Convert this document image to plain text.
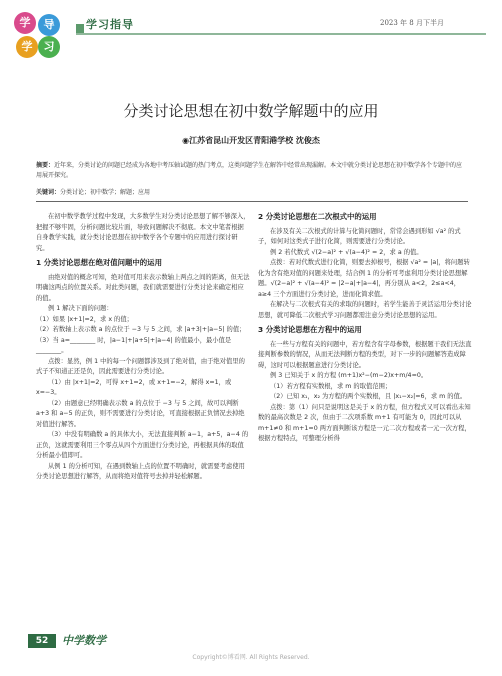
学	导
学	习
学习指导	2023 年 8 月下半月
分类讨论思想在初中数学解题中的应用
◉江苏省昆山开发区青阳港学校 沈俊杰
摘要：近年来，分类讨论的问题已经成为各地中考压轴试题的热门考点，这类问题学生在解答中经常出现漏解。本文中就分类讨论思想在初中数学各个专题中的应用展开探究。
关键词：分类讨论；初中数学；解题；应用

在初中数学教学过程中发现，大多数学生对分类讨论思想了解不够深入，把握不够牢固，分析问题比较片面，导致问题解决不彻底。本文中笔者根据自身教学实践，就分类讨论思想在初中数学各个专题中的应用进行探讨研究。

1 分类讨论思想在绝对值问题中的运用

由绝对值的概念可知，绝对值可用来表示数轴上两点之间的距离，但无法明确这两点的位置关系。对此类问题，我们就需要进行分类讨论来确定相应的值。

例 1 解决下面的问题：

（1）如果 |x+1|=2，求 x 的值；

（2）若数轴上表示数 a 的点位于 −3 与 5 之间，求 |a+3|+|a−5| 的值；

（3）当 a=________ 时，|a−1|+|a+5|+|a−4| 的值最小，最小值是________。

点拨：显然，例 1 中的每一个问题都涉及到了绝对值，由于绝对值里的式子不知道正还是负，因此需要进行分类讨论。

（1）由 |x+1|=2，可得 x+1=2，或 x+1=−2，解得 x=1，或 x=−3。

（2）由题意已经明确表示数 a 的点位于 −3 与 5 之间，故可以判断 a+3 和 a−5 的正负，则不需要进行分类讨论，可直接根据正负情况去掉绝对值进行解答。

（3）中没有明确数 a 的具体大小，无法直接判断 a−1，a+5，a−4 的正负，这就需要利用三个零点从四个方面进行分类讨论，再根据具体的取值分析最小值即可。

从例 1 的分析可知，在遇到数轴上点的位置不明确时，就需要考虑使用分类讨论思想进行解答，从而将绝对值符号去掉并轻松解题。

2 分类讨论思想在二次根式中的运用

在涉及有关二次根式的计算与化简问题时，常常会遇到形如 √a² 的式子，如何对这类式子进行化简，则需要进行分类讨论。

例 2 若代数式 √(2−a)² + √(a−4)² = 2，求 a 的值。

点拨：若对代数式进行化简，则要去掉根号，根据 √a² = |a|，将问题转化为含有绝对值的问题来处理，结合例 1 的分析可考虑利用分类讨论思想解题。√(2−a)² + √(a−4)² = |2−a|+|a−4|，再分别从 a<2，2≤a<4，a≥4 三个方面进行分类讨论，进而化简求值。

在解决与二次根式有关的求取的问题时，若学生能善于灵活运用分类讨论思想，就可降低二次根式学习问题都需注意分类讨论思想的运用。

3 分类讨论思想在方程中的运用

在一些与方程有关的问题中，若方程含有字母参数，根据题干我们无法直接判断参数的情况，从而无法判断方程的类型，对下一步的问题解答造成障碍，这时可以根据题意进行分类讨论。

例 3 已知关于 x 的方程 (m+1)x²−(m−2)x+m/4=0。

（1）若方程有实数根，求 m 的取值范围；

（2）已知 x₁，x₂ 为方程的两个实数根，且 |x₁−x₂|=6，求 m 的值。

点拨：第（1）问只是说明这是关于 x 的方程，但方程式又可以看出未知数的最高次数是 2 次，但由于二次项系数 m+1 有可能为 0，因此可以从 m+1≠0 和 m+1=0 两方面判断该方程是一元二次方程或者一元一次方程，根据方程特点，可整理分析得

52	中学数学
Copyright©博看网. All Rights Reserved.
